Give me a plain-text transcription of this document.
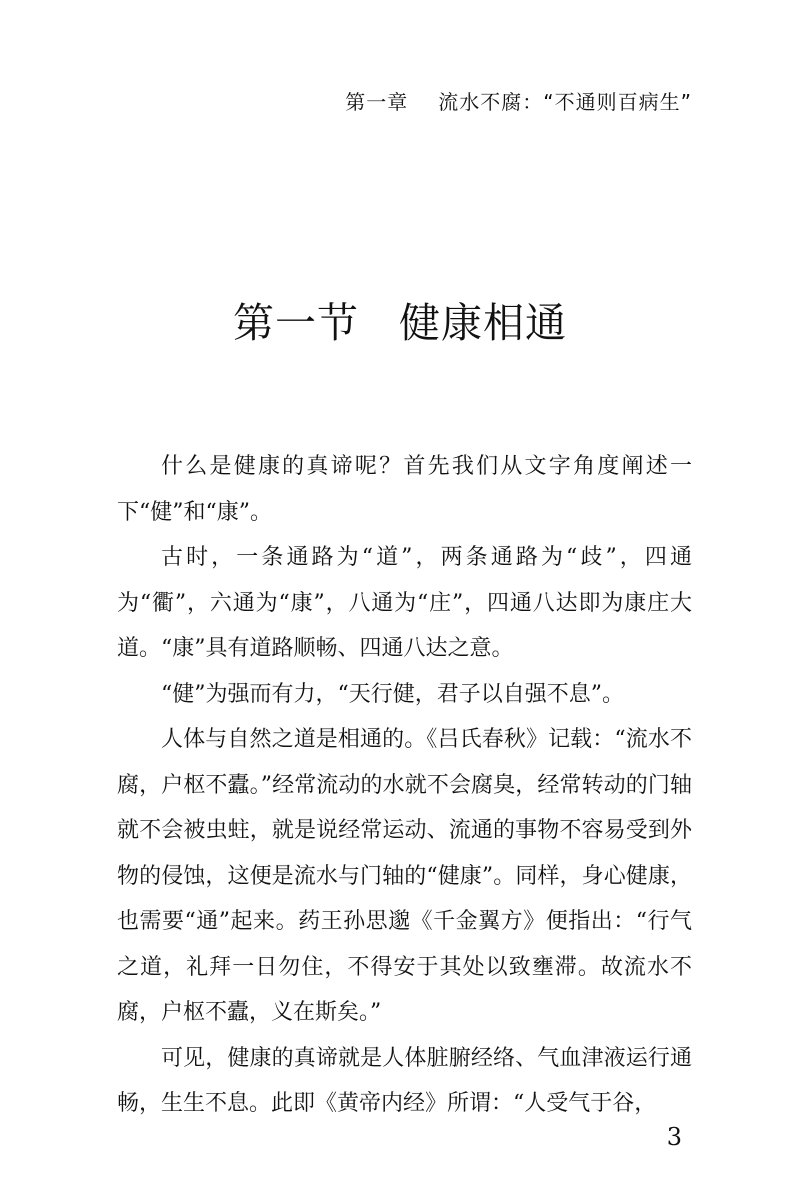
第一章 流水不腐：“不通则百病生”
第一节 健康相通

什么是健康的真谛呢？首先我们从文字角度阐述一下“健”和“康”。

古时，一条通路为“道”，两条通路为“歧”，四通为“衢”，六通为“康”，八通为“庄”，四通八达即为康庄大道。“康”具有道路顺畅、四通八达之意。

“健”为强而有力，“天行健，君子以自强不息”。

人体与自然之道是相通的。《吕氏春秋》记载：“流水不腐，户枢不蠹。”经常流动的水就不会腐臭，经常转动的门轴就不会被虫蛀，就是说经常运动、流通的事物不容易受到外物的侵蚀，这便是流水与门轴的“健康”。同样，身心健康，也需要“通”起来。药王孙思邈《千金翼方》便指出：“行气之道，礼拜一日勿住，不得安于其处以致壅滞。故流水不腐，户枢不蠹，义在斯矣。”

可见，健康的真谛就是人体脏腑经络、气血津液运行通畅，生生不息。此即《黄帝内经》所谓：“人受气于谷，

3
